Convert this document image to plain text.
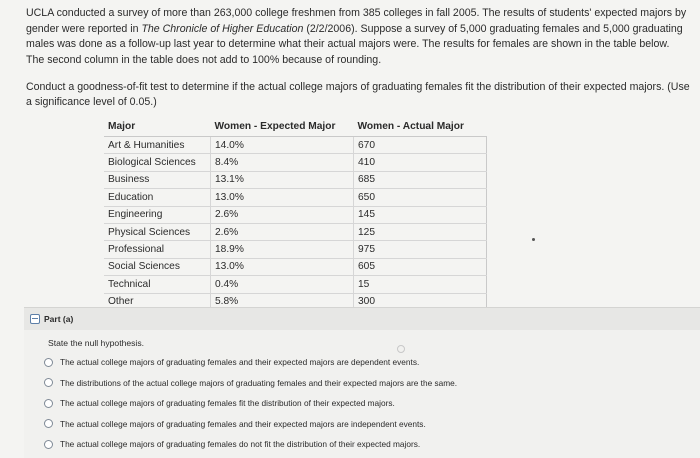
UCLA conducted a survey of more than 263,000 college freshmen from 385 colleges in fall 2005. The results of students' expected majors by gender were reported in The Chronicle of Higher Education (2/2/2006). Suppose a survey of 5,000 graduating females and 5,000 graduating males was done as a follow-up last year to determine what their actual majors were. The results for females are shown in the table below. The second column in the table does not add to 100% because of rounding.
Conduct a goodness-of-fit test to determine if the actual college majors of graduating females fit the distribution of their expected majors. (Use a significance level of 0.05.)
Major	Women - Expected Major	Women - Actual Major
Art & Humanities	14.0%	670
Biological Sciences	8.4%	410
Business	13.1%	685
Education	13.0%	650
Engineering	2.6%	145
Physical Sciences	2.6%	125
Professional	18.9%	975
Social Sciences	13.0%	605
Technical	0.4%	15
Other	5.8%	300

Part (a)
State the null hypothesis.
The actual college majors of graduating females and their expected majors are dependent events.
The distributions of the actual college majors of graduating females and their expected majors are the same.
The actual college majors of graduating females fit the distribution of their expected majors.
The actual college majors of graduating females and their expected majors are independent events.
The actual college majors of graduating females do not fit the distribution of their expected majors.
